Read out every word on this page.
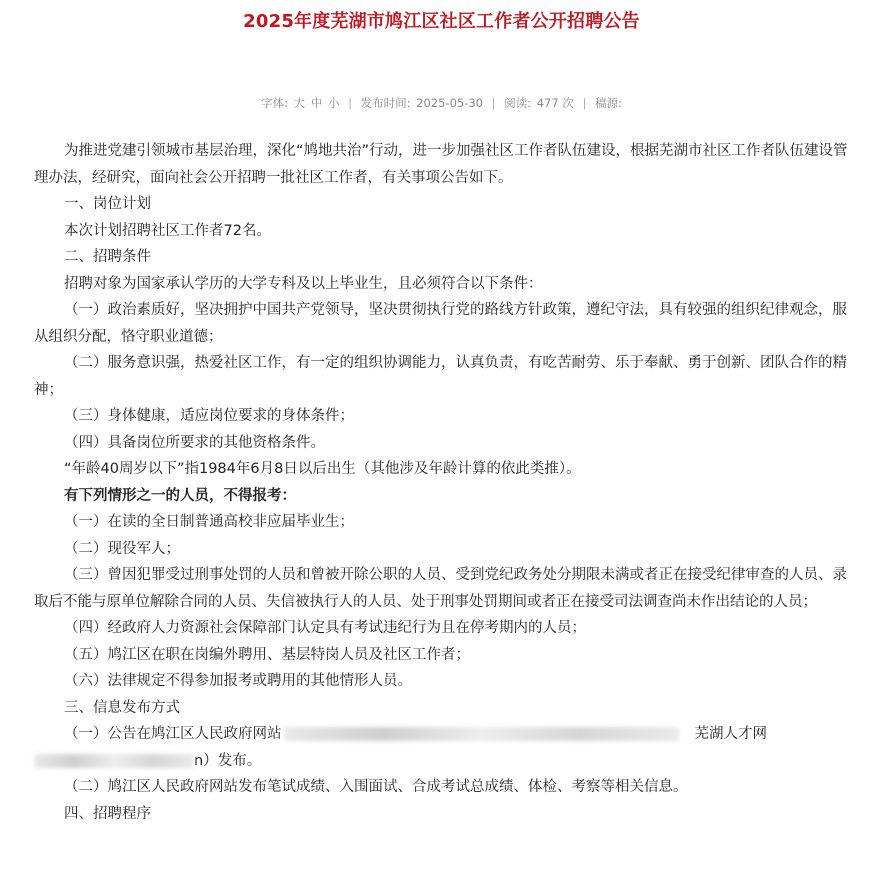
2025年度芜湖市鸠江区社区工作者公开招聘公告
字体: 大 中 小 | 发布时间: 2025-05-30 | 阅读: 477 次 | 稿源:

为推进党建引领城市基层治理，深化“鸠地共治”行动，进一步加强社区工作者队伍建设，根据芜湖市社区工作者队伍建设管理办法，经研究，面向社会公开招聘一批社区工作者，有关事项公告如下。

一、岗位计划

本次计划招聘社区工作者72名。

二、招聘条件

招聘对象为国家承认学历的大学专科及以上毕业生，且必须符合以下条件：

（一）政治素质好，坚决拥护中国共产党领导，坚决贯彻执行党的路线方针政策，遵纪守法，具有较强的组织纪律观念，服从组织分配，恪守职业道德；

（二）服务意识强，热爱社区工作，有一定的组织协调能力，认真负责，有吃苦耐劳、乐于奉献、勇于创新、团队合作的精神；

（三）身体健康，适应岗位要求的身体条件；

（四）具备岗位所要求的其他资格条件。

“年龄40周岁以下”指1984年6月8日以后出生（其他涉及年龄计算的依此类推）。

有下列情形之一的人员，不得报考：

（一）在读的全日制普通高校非应届毕业生；

（二）现役军人；

（三）曾因犯罪受过刑事处罚的人员和曾被开除公职的人员、受到党纪政务处分期限未满或者正在接受纪律审查的人员、录取后不能与原单位解除合同的人员、失信被执行人的人员、处于刑事处罚期间或者正在接受司法调查尚未作出结论的人员；

（四）经政府人力资源社会保障部门认定具有考试违纪行为且在停考期内的人员；

（五）鸠江区在职在岗编外聘用、基层特岗人员及社区工作者；

（六）法律规定不得参加报考或聘用的其他情形人员。

三、信息发布方式

（一）公告在鸠江区人民政府网站	芜湖人才网
n）发布。

（二）鸠江区人民政府网站发布笔试成绩、入围面试、合成考试总成绩、体检、考察等相关信息。

四、招聘程序
